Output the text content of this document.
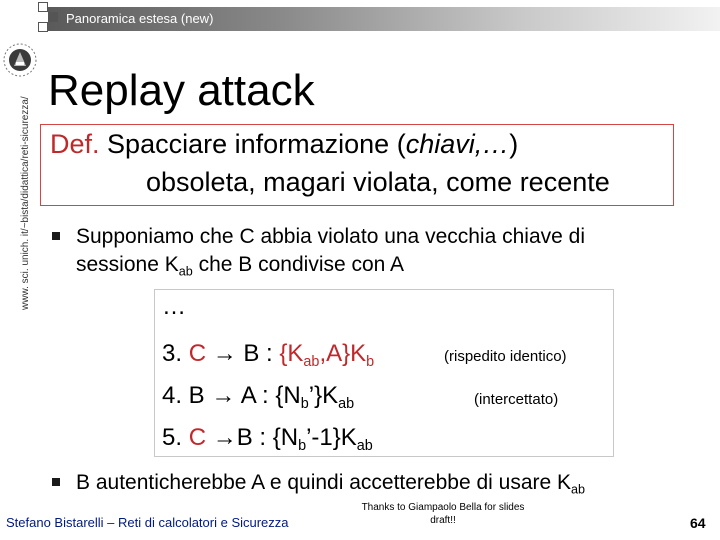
Panoramica estesa (new)
www. sci. unich. it/~bista/didattica/reti-sicurezza/
Replay attack
Def. Spacciare informazione (chiavi,…)
obsoleta, magari violata, come recente
Supponiamo che C abbia violato una vecchia chiave di
sessione $K_{ab}$ che B condivise con A
…
3. C → B : $\{K_{ab},A\}K_b$	(rispedito identico)
4. B → A : $\{N_b’\}K_{ab}$	(intercettato)
5. C →B : $\{N_b’-1\}K_{ab}$
B autenticherebbe A e quindi accetterebbe di usare $K_{ab}$
Stefano Bistarelli – Reti di calcolatori e Sicurezza
Thanks to Giampaolo Bella for slides
draft!!	64
